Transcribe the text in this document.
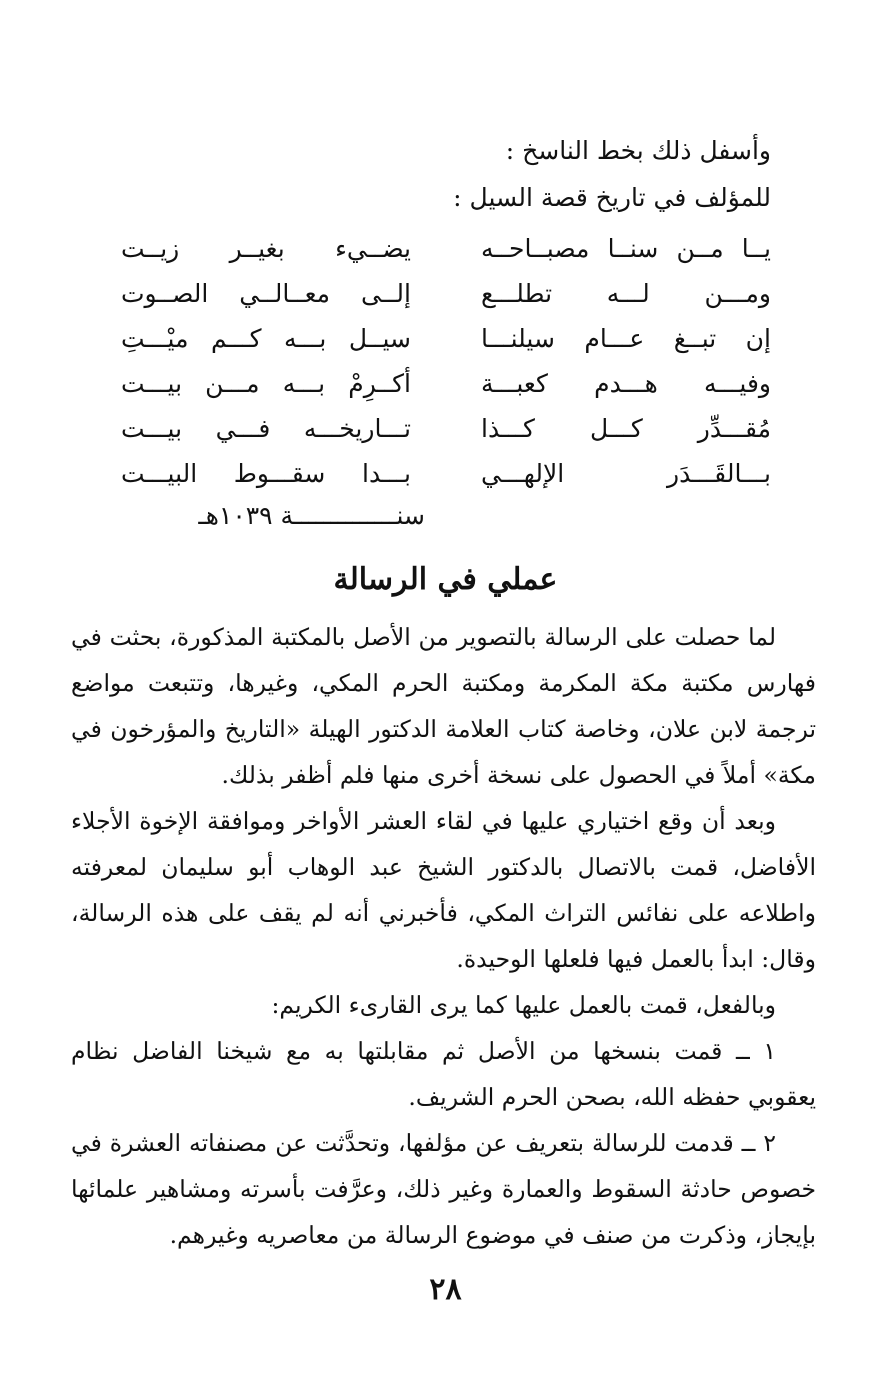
وأسفل ذلك بخط الناسخ :
للمؤلف في تاريخ قصة السيل :
يــا مــن سنــا مصبــاحــه
يضــيء بغيــر زيــت
ومـــن لـــه تطلـــع
إلــى معــالــي الصــوت
إن تبــغ عـــام سيلنـــا
سيــل بـــه كـــم ميْـــتِ
وفيـــه هـــدم كعبـــة
أكــرِمْ بـــه مـــن بيـــت
مُقـــدِّر كـــل كـــذا
تـــاريخـــه فـــي بيـــت
بـــالقَـــدَر الإلهـــي
بـــدا سقـــوط البيـــت
سنــــــــــــــة ١٠٣٩هـ
عملي في الرسالة

لما حصلت على الرسالة بالتصوير من الأصل بالمكتبة المذكورة، بحثت في فهارس مكتبة مكة المكرمة ومكتبة الحرم المكي، وغيرها، وتتبعت مواضع ترجمة لابن علان، وخاصة كتاب العلامة الدكتور الهيلة «التاريخ والمؤرخون في مكة» أملاً في الحصول على نسخة أخرى منها فلم أظفر بذلك.

وبعد أن وقع اختياري عليها في لقاء العشر الأواخر وموافقة الإخوة الأجلاء الأفاضل، قمت بالاتصال بالدكتور الشيخ عبد الوهاب أبو سليمان لمعرفته واطلاعه على نفائس التراث المكي، فأخبرني أنه لم يقف على هذه الرسالة، وقال: ابدأ بالعمل فيها فلعلها الوحيدة.

وبالفعل، قمت بالعمل عليها كما يرى القارىء الكريم:

١ ــ قمت بنسخها من الأصل ثم مقابلتها به مع شيخنا الفاضل نظام يعقوبي حفظه الله، بصحن الحرم الشريف.

٢ ــ قدمت للرسالة بتعريف عن مؤلفها، وتحدَّثت عن مصنفاته العشرة في خصوص حادثة السقوط والعمارة وغير ذلك، وعرَّفت بأسرته ومشاهير علمائها بإيجاز، وذكرت من صنف في موضوع الرسالة من معاصريه وغيرهم.

٢٨
